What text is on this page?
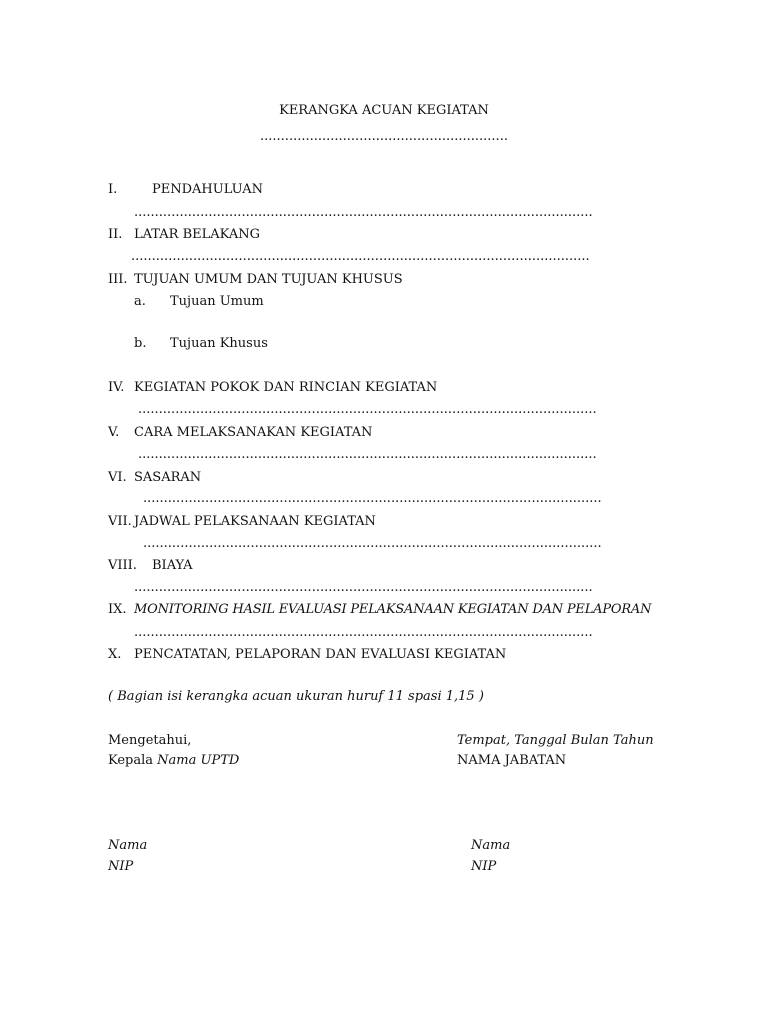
KERANGKA ACUAN KEGIATAN
............................................................
I.	PENDAHULUAN
...............................................................................................................
II. LATAR BELAKANG
...............................................................................................................
III. TUJUAN UMUM DAN TUJUAN KHUSUS
a. Tujuan Umum
b. Tujuan Khusus
IV. KEGIATAN POKOK DAN RINCIAN KEGIATAN
...............................................................................................................
V. CARA MELAKSANAKAN KEGIATAN
...............................................................................................................
VI. SASARAN
...............................................................................................................
VII. JADWAL PELAKSANAAN KEGIATAN
...............................................................................................................
VIII. BIAYA
...............................................................................................................
IX. MONITORING HASIL EVALUASI PELAKSANAAN KEGIATAN DAN PELAPORAN
...............................................................................................................
X. PENCATATAN, PELAPORAN DAN EVALUASI KEGIATAN
( Bagian isi kerangka acuan ukuran huruf 11 spasi 1,15 )
Mengetahui,
Kepala Nama UPTD
Tempat, Tanggal Bulan Tahun
NAMA JABATAN
Nama
NIP
Nama
NIP
